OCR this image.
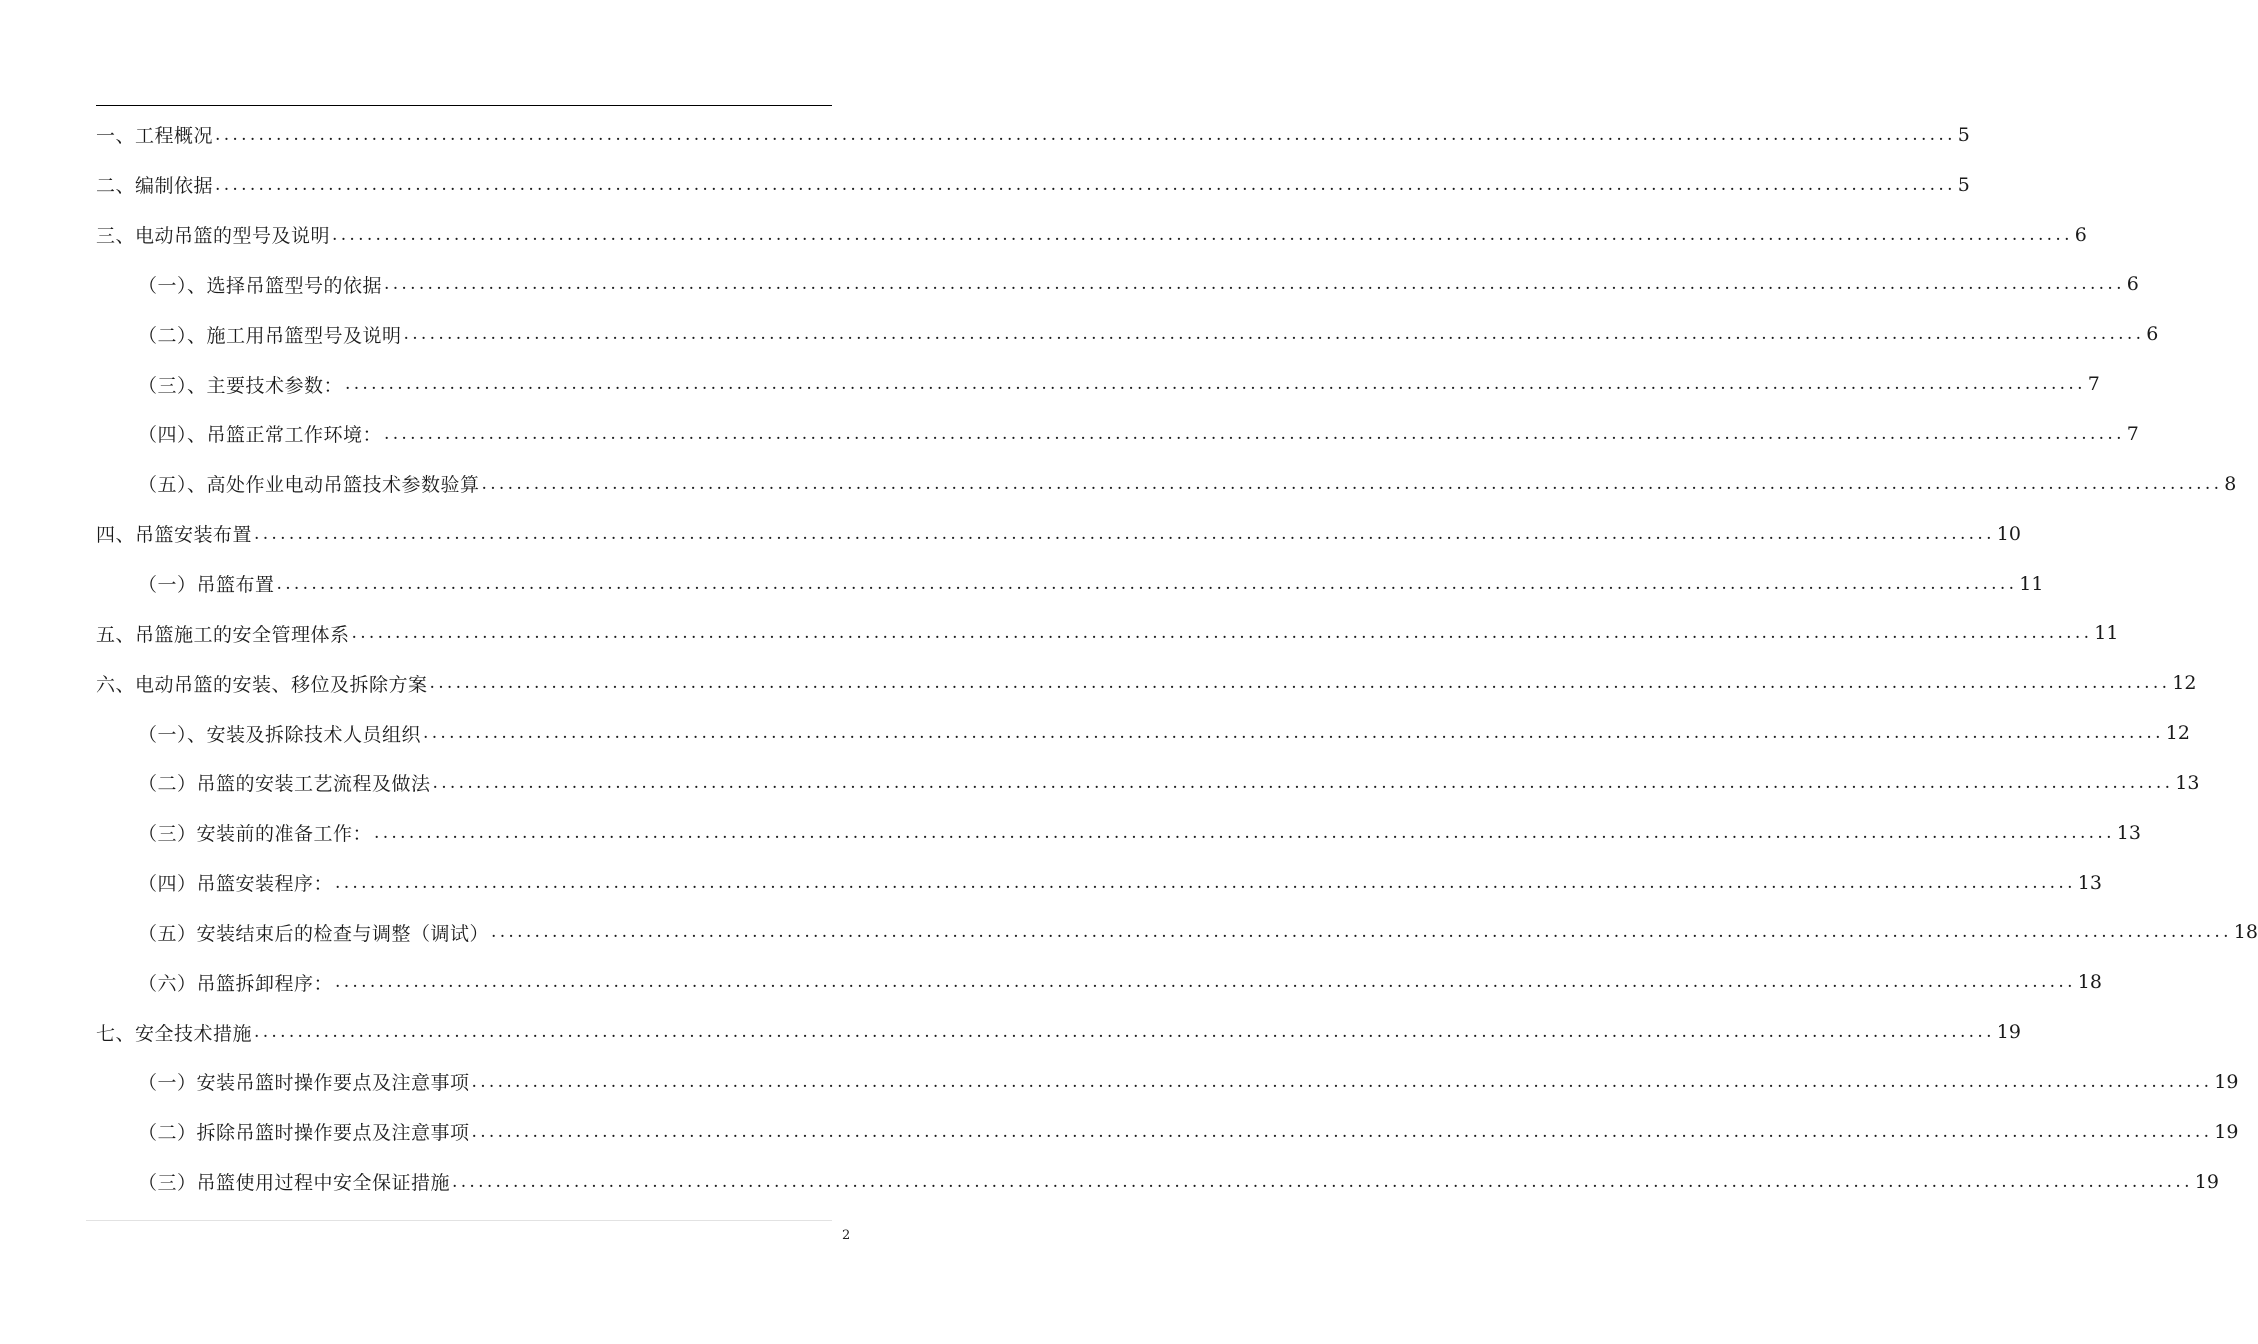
一、工程概况 ........................................................................................................................................................................................................ 5
二、编制依据 ........................................................................................................................................................................................................ 5
三、电动吊篮的型号及说明 ........................................................................................................................................................................................................ 6
（一）、选择吊篮型号的依据 ........................................................................................................................................................................................................ 6
（二）、施工用吊篮型号及说明 ........................................................................................................................................................................................................ 6
（三）、主要技术参数： ........................................................................................................................................................................................................ 7
（四）、吊篮正常工作环境： ........................................................................................................................................................................................................ 7
（五）、高处作业电动吊篮技术参数验算 ........................................................................................................................................................................................................ 8
四、吊篮安装布置 ........................................................................................................................................................................................................ 10
（一）吊篮布置 ........................................................................................................................................................................................................ 11
五、吊篮施工的安全管理体系 ........................................................................................................................................................................................................ 11
六、电动吊篮的安装、移位及拆除方案 ........................................................................................................................................................................................................ 12
（一）、安装及拆除技术人员组织 ........................................................................................................................................................................................................ 12
（二）吊篮的安装工艺流程及做法 ........................................................................................................................................................................................................ 13
（三）安装前的准备工作： ........................................................................................................................................................................................................ 13
（四）吊篮安装程序： ........................................................................................................................................................................................................ 13
（五）安装结束后的检查与调整（调试） ........................................................................................................................................................................................................ 18
（六）吊篮拆卸程序： ........................................................................................................................................................................................................ 18
七、安全技术措施 ........................................................................................................................................................................................................ 19
（一）安装吊篮时操作要点及注意事项 ........................................................................................................................................................................................................ 19
（二）拆除吊篮时操作要点及注意事项 ........................................................................................................................................................................................................ 19
（三）吊篮使用过程中安全保证措施 ........................................................................................................................................................................................................ 19
2
